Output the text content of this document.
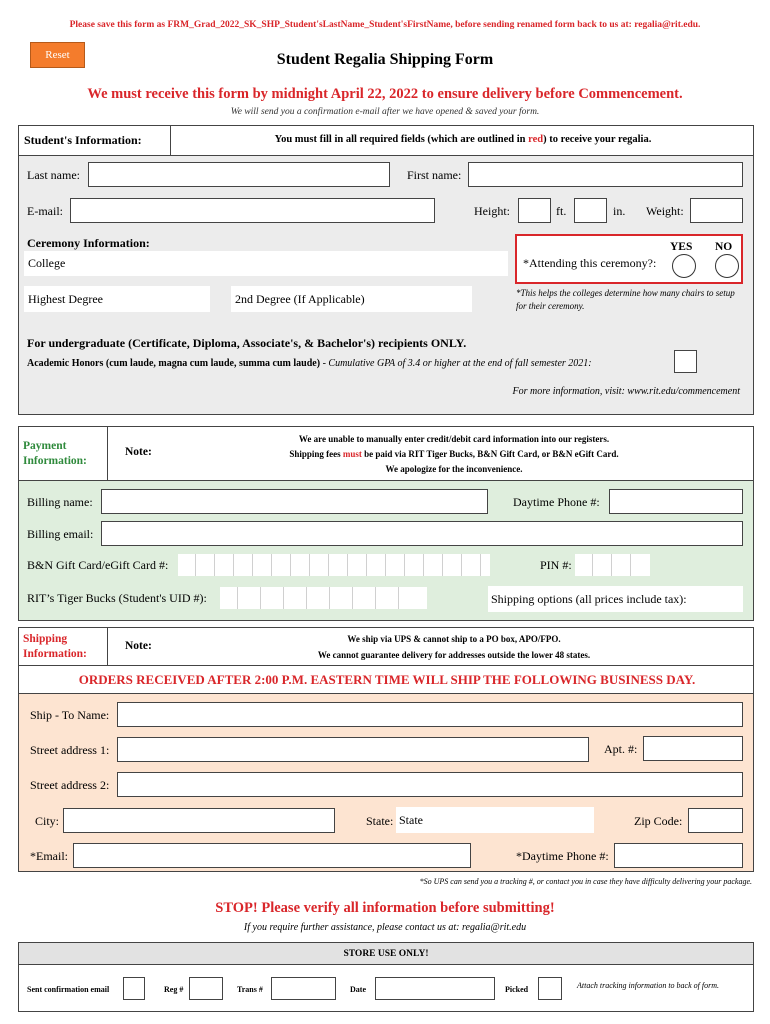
Please save this form as FRM_Grad_2022_SK_SHP_Student'sLastName_Student'sFirstName, before sending renamed form back to us at: regalia@rit.edu.
Reset	Student Regalia Shipping Form
We must receive this form by midnight April 22, 2022 to ensure delivery before Commencement.
We will send you a confirmation e-mail after we have opened & saved your form.
Student's Information:	You must fill in all required fields (which are outlined in red) to receive your regalia.
Last name:	First name:
E-mail:	Height:	ft.	in. Weight:
Ceremony Information:
College
YES NO
*Attending this ceremony?:
Highest Degree	2nd Degree (If Applicable)	*This helps the colleges determine how many chairs to setup for their ceremony.
For undergraduate (Certificate, Diploma, Associate's, & Bachelor's) recipients ONLY.
Academic Honors (cum laude, magna cum laude, summa cum laude) - Cumulative GPA of 3.4 or higher at the end of fall semester 2021:
For more information, visit: www.rit.edu/commencement
Payment
Information:
Note:
We are unable to manually enter credit/debit card information into our registers.
Shipping fees must be paid via RIT Tiger Bucks, B&N Gift Card, or B&N eGift Card.
We apologize for the inconvenience.
Billing name:	Daytime Phone #:
Billing email:
B&N Gift Card/eGift Card #:	PIN #:
RIT’s Tiger Bucks (Student's UID #):	Shipping options (all prices include tax):
Shipping
Information:
Note:
We ship via UPS & cannot ship to a PO box, APO/FPO.
We cannot guarantee delivery for addresses outside the lower 48 states.
ORDERS RECEIVED AFTER 2:00 P.M. EASTERN TIME WILL SHIP THE FOLLOWING BUSINESS DAY.
Ship - To Name:
Street address 1:	Apt. #:
Street address 2:
City:	State: State	Zip Code:
*Email:	*Daytime Phone #:
*So UPS can send you a tracking #, or contact you in case they have difficulty delivering your package.
STOP! Please verify all information before submitting!
If you require further assistance, please contact us at: regalia@rit.edu
STORE USE ONLY!
Sent confirmation email	Reg #	Trans #	Date	Picked	Attach tracking information to back of form.
